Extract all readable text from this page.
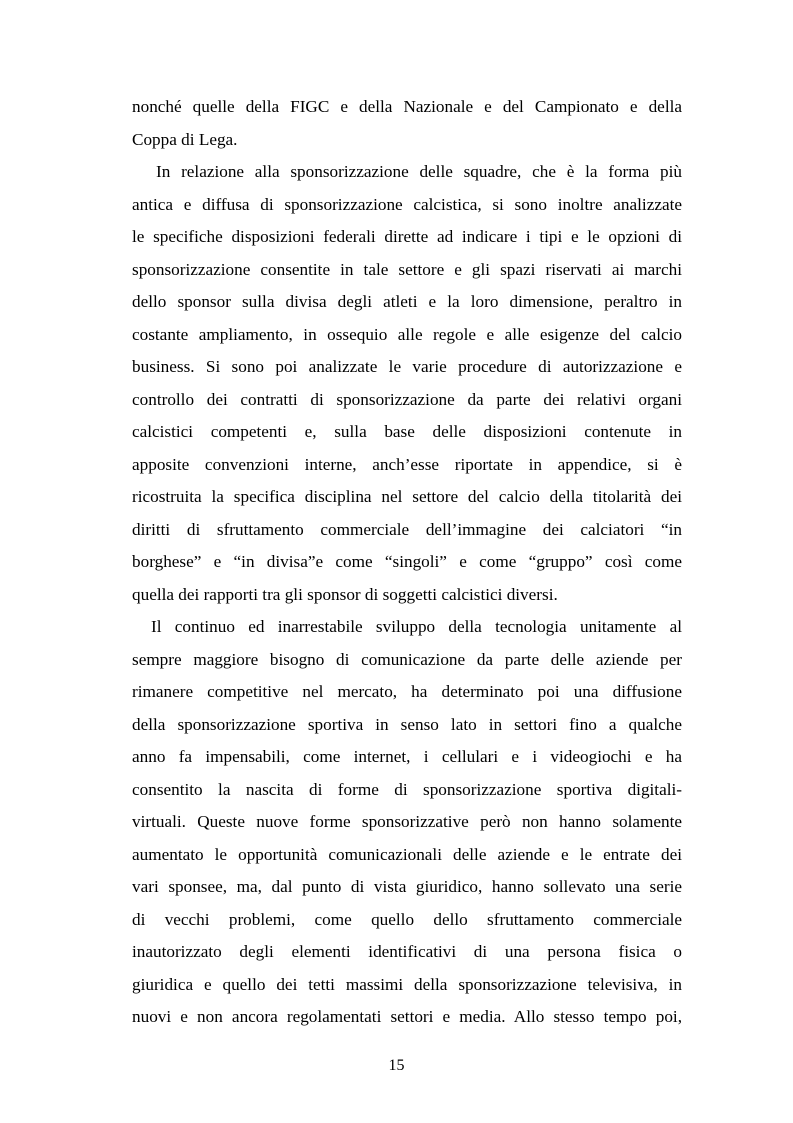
nonché quelle della FIGC e della Nazionale e del Campionato e della
Coppa di Lega.
In relazione alla sponsorizzazione delle squadre, che è la forma più
antica e diffusa di sponsorizzazione calcistica, si sono inoltre analizzate
le specifiche disposizioni federali dirette ad indicare i tipi e le opzioni di
sponsorizzazione consentite in tale settore e gli spazi riservati ai marchi
dello sponsor sulla divisa degli atleti e la loro dimensione, peraltro in
costante ampliamento, in ossequio alle regole e alle esigenze del calcio
business. Si sono poi analizzate le varie procedure di autorizzazione e
controllo dei contratti di sponsorizzazione da parte dei relativi organi
calcistici competenti e, sulla base delle disposizioni contenute in
apposite convenzioni interne, anch’esse riportate in appendice, si è
ricostruita la specifica disciplina nel settore del calcio della titolarità dei
diritti di sfruttamento commerciale dell’immagine dei calciatori “in
borghese” e “in divisa”e come “singoli” e come “gruppo” così come
quella dei rapporti tra gli sponsor di soggetti calcistici diversi.
Il continuo ed inarrestabile sviluppo della tecnologia unitamente al
sempre maggiore bisogno di comunicazione da parte delle aziende per
rimanere competitive nel mercato, ha determinato poi una diffusione
della sponsorizzazione sportiva in senso lato in settori fino a qualche
anno fa impensabili, come internet, i cellulari e i videogiochi e ha
consentito la nascita di forme di sponsorizzazione sportiva digitali-
virtuali. Queste nuove forme sponsorizzative però non hanno solamente
aumentato le opportunità comunicazionali delle aziende e le entrate dei
vari sponsee, ma, dal punto di vista giuridico, hanno sollevato una serie
di vecchi problemi, come quello dello sfruttamento commerciale
inautorizzato degli elementi identificativi di una persona fisica o
giuridica e quello dei tetti massimi della sponsorizzazione televisiva, in
nuovi e non ancora regolamentati settori e media. Allo stesso tempo poi,
15
